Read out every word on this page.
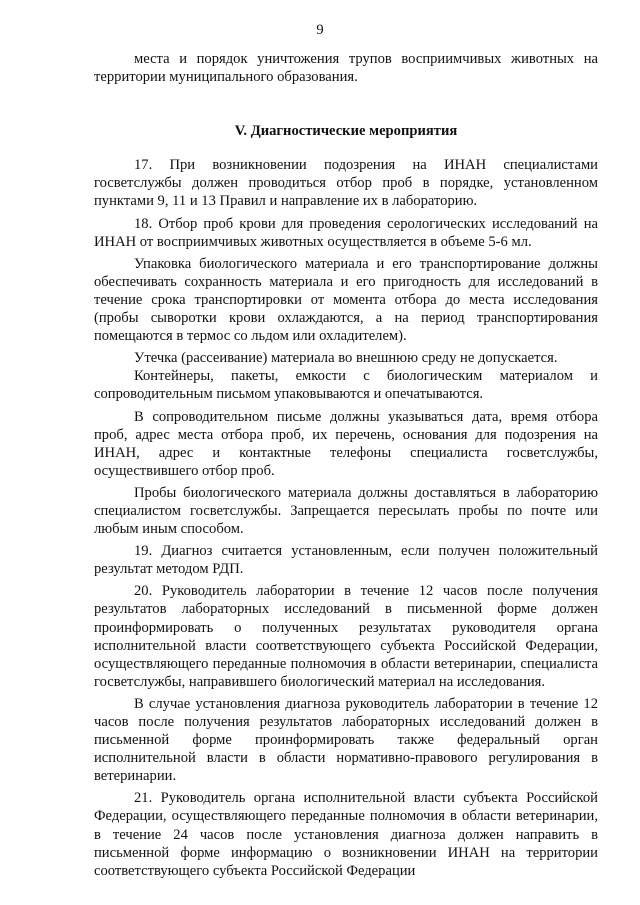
9

места и порядок уничтожения трупов восприимчивых животных на территории муниципального образования.

V. Диагностические мероприятия

17. При возникновении подозрения на ИНАН специалистами госветслужбы должен проводиться отбор проб в порядке, установленном пунктами 9, 11 и 13 Правил и направление их в лабораторию.

18. Отбор проб крови для проведения серологических исследований на ИНАН от восприимчивых животных осуществляется в объеме 5-6 мл.

Упаковка биологического материала и его транспортирование должны обеспечивать сохранность материала и его пригодность для исследований в течение срока транспортировки от момента отбора до места исследования (пробы сыворотки крови охлаждаются, а на период транспортирования помещаются в термос со льдом или охладителем).

Утечка (рассеивание) материала во внешнюю среду не допускается.

Контейнеры, пакеты, емкости с биологическим материалом и сопроводительным письмом упаковываются и опечатываются.

В сопроводительном письме должны указываться дата, время отбора проб, адрес места отбора проб, их перечень, основания для подозрения на ИНАН, адрес и контактные телефоны специалиста госветслужбы, осуществившего отбор проб.

Пробы биологического материала должны доставляться в лабораторию специалистом госветслужбы. Запрещается пересылать пробы по почте или любым иным способом.

19. Диагноз считается установленным, если получен положительный результат методом РДП.

20. Руководитель лаборатории в течение 12 часов после получения результатов лабораторных исследований в письменной форме должен проинформировать о полученных результатах руководителя органа исполнительной власти соответствующего субъекта Российской Федерации, осуществляющего переданные полномочия в области ветеринарии, специалиста госветслужбы, направившего биологический материал на исследования.

В случае установления диагноза руководитель лаборатории в течение 12 часов после получения результатов лабораторных исследований должен в письменной форме проинформировать также федеральный орган исполнительной власти в области нормативно-правового регулирования в ветеринарии.

21. Руководитель органа исполнительной власти субъекта Российской Федерации, осуществляющего переданные полномочия в области ветеринарии, в течение 24 часов после установления диагноза должен направить в письменной форме информацию о возникновении ИНАН на территории соответствующего субъекта Российской Федерации
